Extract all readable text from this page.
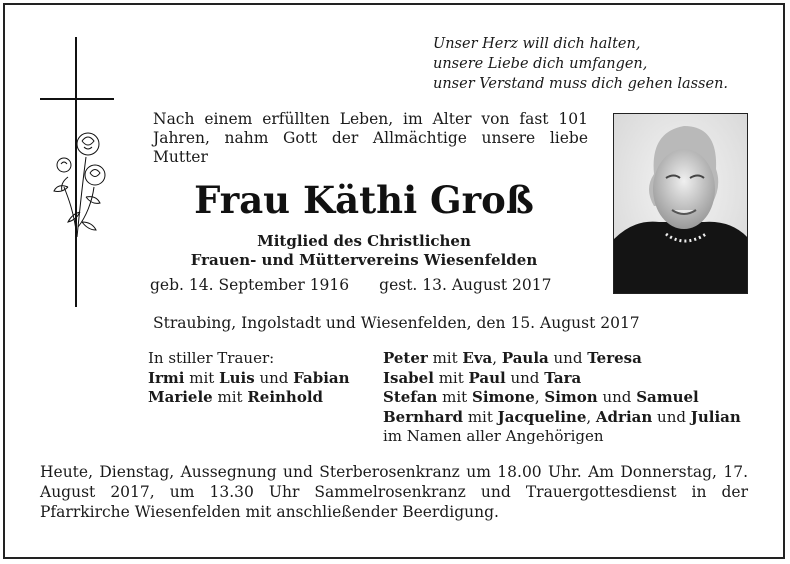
Unser Herz will dich halten,
unsere Liebe dich umfangen,
unser Verstand muss dich gehen lassen.
Nach einem erfüllten Leben, im Alter von fast 101 Jahren, nahm Gott der Allmächtige unsere liebe Mutter
Frau Käthi Groß
Mitglied des Christlichen
Frauen- und Müttervereins Wiesenfelden
geb. 14. September 1916 gest. 13. August 2017
Straubing, Ingolstadt und Wiesenfelden, den 15. August 2017
In stiller Trauer:
Irmi mit Luis und Fabian
Mariele mit Reinhold
Peter mit Eva, Paula und Teresa
Isabel mit Paul und Tara
Stefan mit Simone, Simon und Samuel
Bernhard mit Jacqueline, Adrian und Julian
im Namen aller Angehörigen
Heute, Dienstag, Aussegnung und Sterberosenkranz um 18.00 Uhr. Am Donnerstag, 17. August 2017, um 13.30 Uhr Sammelrosenkranz und Trauergottesdienst in der Pfarrkirche Wiesenfelden mit anschließender Beerdigung.
